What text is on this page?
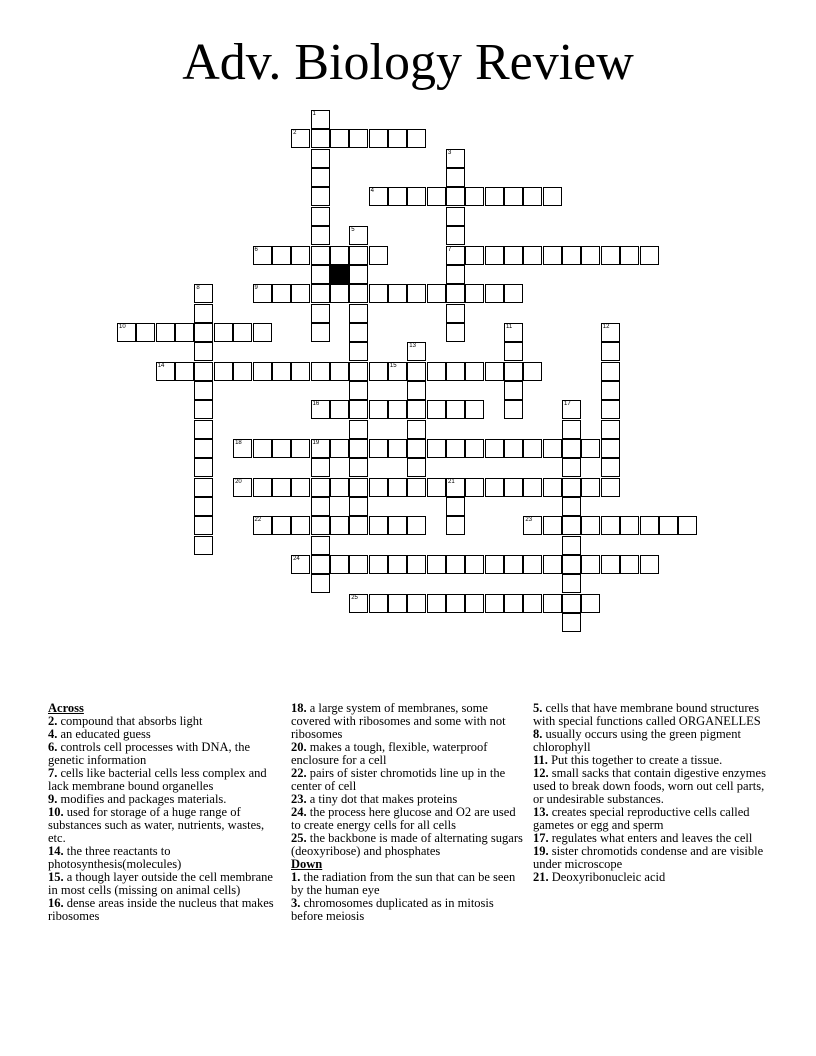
Adv. Biology Review
1
2
3
7
4
5
6
8	9
10	11	12
13
14	15
16	17
18	19
20	21
22	23
24
25

Across

2. compound that absorbs light

4. an educated guess

6. controls cell processes with DNA, the genetic information

7. cells like bacterial cells less complex and lack membrane bound organelles

9. modifies and packages materials.

10. used for storage of a huge range of substances such as water, nutrients, wastes, etc.

14. the three reactants to photosynthesis(molecules)

15. a though layer outside the cell membrane in most cells (missing on animal cells)

16. dense areas inside the nucleus that makes ribosomes

18. a large system of membranes, some covered with ribosomes and some with not ribosomes

20. makes a tough, flexible, waterproof enclosure for a cell

22. pairs of sister chromotids line up in the center of cell

23. a tiny dot that makes proteins

24. the process here glucose and O2 are used to create energy cells for all cells

25. the backbone is made of alternating sugars (deoxyribose) and phosphates

Down

1. the radiation from the sun that can be seen by the human eye

3. chromosomes duplicated as in mitosis before meiosis

5. cells that have membrane bound structures with special functions called ORGANELLES

8. usually occurs using the green pigment chlorophyll

11. Put this together to create a tissue.

12. small sacks that contain digestive enzymes used to break down foods, worn out cell parts, or undesirable substances.

13. creates special reproductive cells called gametes or egg and sperm

17. regulates what enters and leaves the cell

19. sister chromotids condense and are visible under microscope

21. Deoxyribonucleic acid
